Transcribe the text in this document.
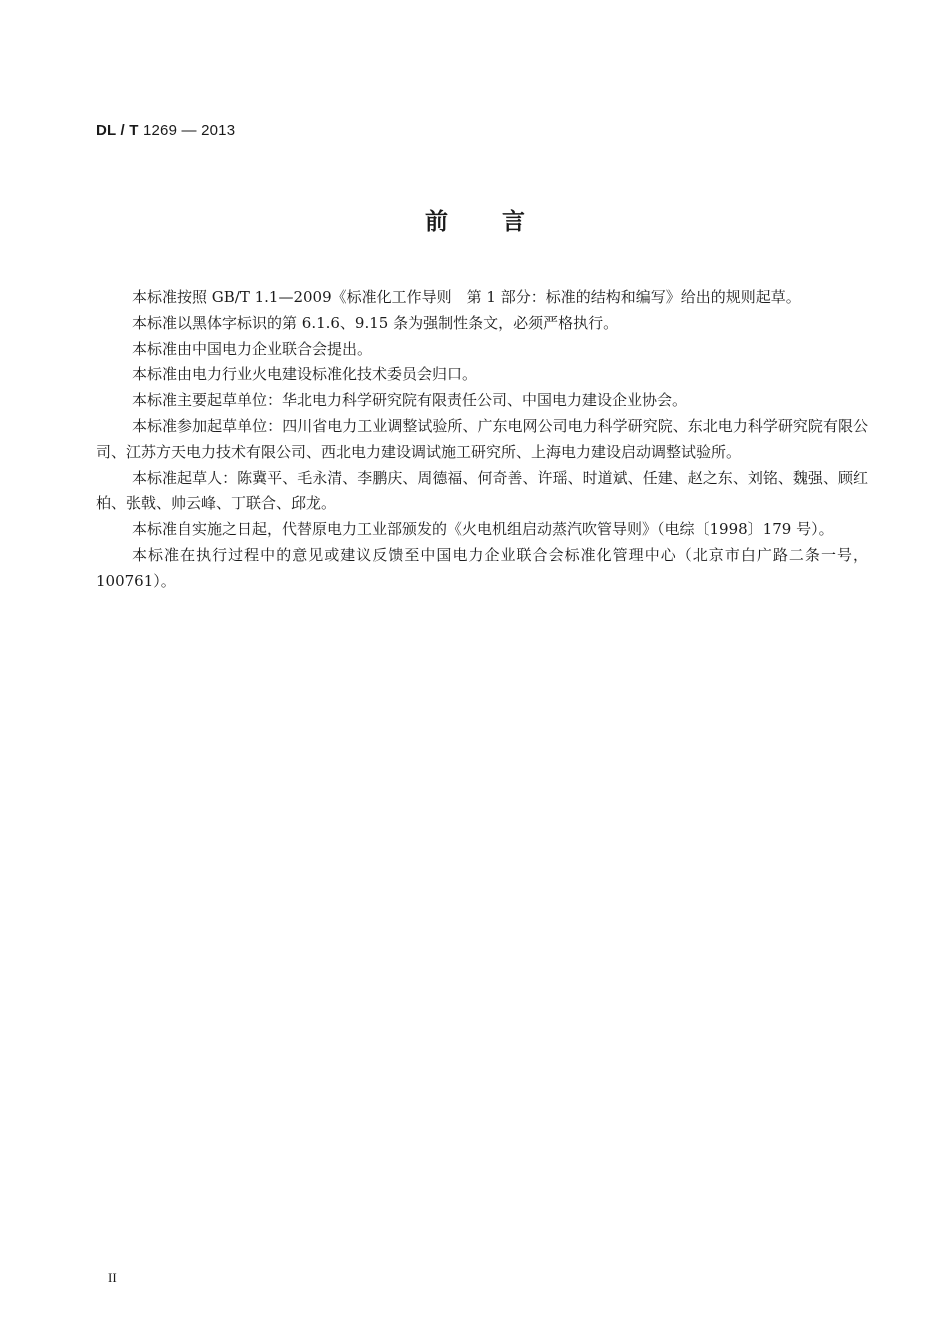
DL / T 1269 — 2013
前言

本标准按照 GB/T 1.1—2009《标准化工作导则　第 1 部分：标准的结构和编写》给出的规则起草。

本标准以黑体字标识的第 6.1.6、9.15 条为强制性条文，必须严格执行。

本标准由中国电力企业联合会提出。

本标准由电力行业火电建设标准化技术委员会归口。

本标准主要起草单位：华北电力科学研究院有限责任公司、中国电力建设企业协会。

本标准参加起草单位：四川省电力工业调整试验所、广东电网公司电力科学研究院、东北电力科学研究院有限公司、江苏方天电力技术有限公司、西北电力建设调试施工研究所、上海电力建设启动调整试验所。

本标准起草人：陈冀平、毛永清、李鹏庆、周德福、何奇善、许瑶、时道斌、任建、赵之东、刘铭、魏强、顾红柏、张戟、帅云峰、丁联合、邱龙。

本标准自实施之日起，代替原电力工业部颁发的《火电机组启动蒸汽吹管导则》（电综〔1998〕179 号）。

本标准在执行过程中的意见或建议反馈至中国电力企业联合会标准化管理中心（北京市白广路二条一号，100761）。

II
